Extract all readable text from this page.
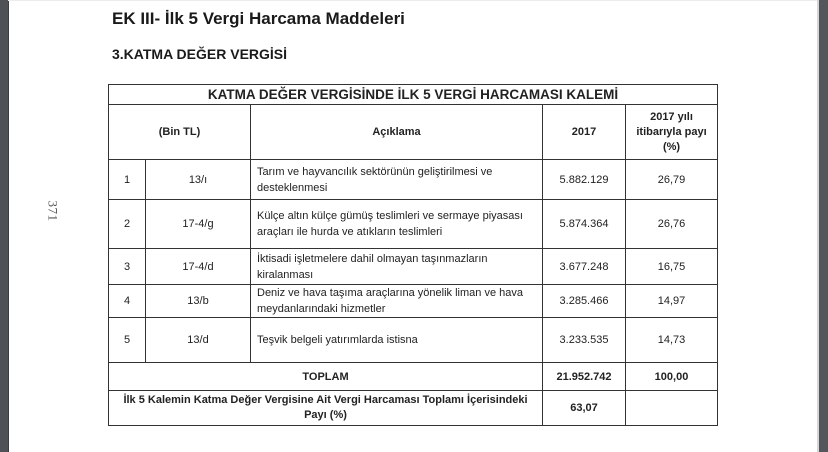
371
EK III- İlk 5 Vergi Harcama Maddeleri
3.KATMA DEĞER VERGİSİ
KATMA DEĞER VERGİSİNDE İLK 5 VERGİ HARCAMASI KALEMİ				
(Bin TL)		Açıklama	2017	2017 yılı itibarıyla payı (%)
1	13/ı	Tarım ve hayvancılık sektörünün geliştirilmesi ve desteklenmesi	5.882.129	26,79
2	17-4/g	Külçe altın külçe gümüş teslimleri ve sermaye piyasası araçları ile hurda ve atıkların teslimleri	5.874.364	26,76
3	17-4/d	İktisadi işletmelere dahil olmayan taşınmazların kiralanması	3.677.248	16,75
4	13/b	Deniz ve hava taşıma araçlarına yönelik liman ve hava meydanlarındaki hizmetler	3.285.466	14,97
5	13/d	Teşvik belgeli yatırımlarda istisna	3.233.535	14,73
TOPLAM			21.952.742	100,00
İlk 5 Kalemin Katma Değer Vergisine Ait Vergi Harcaması Toplamı İçerisindeki Payı (%)			63,07	
